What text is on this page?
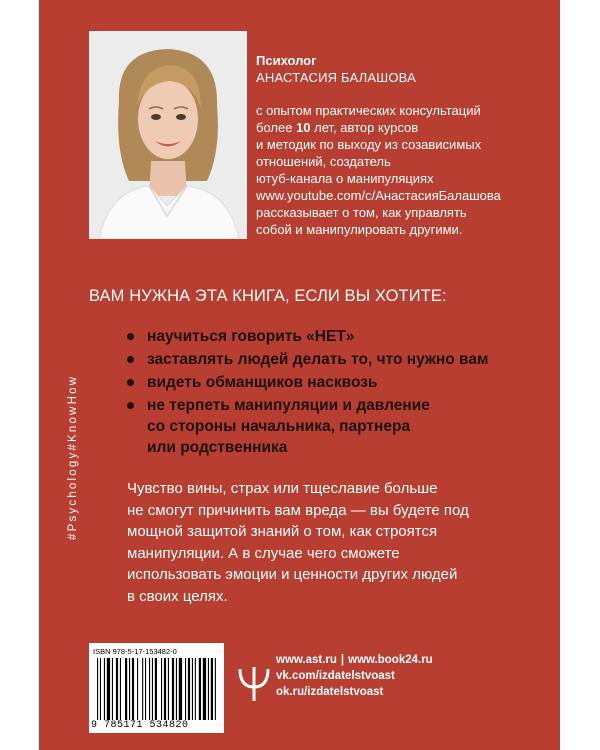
Психолог
АНАСТАСИЯ БАЛАШОВА
с опытом практических консультаций
более 10 лет, автор курсов
и методик по выходу из созависимых
отношений, создатель
ютуб-канала о манипуляциях
www.youtube.com/c/АнастасияБалашова
рассказывает о том, как управлять
собой и манипулировать другими.
ВАМ НУЖНА ЭТА КНИГА, ЕСЛИ ВЫ ХОТИТЕ:
#Psychology#KnowHow
научиться говорить «НЕТ»
заставлять людей делать то, что нужно вам
видеть обманщиков насквозь
не терпеть манипуляции и давление
со стороны начальника, партнера
или родственника
Чувство вины, страх или тщеславие больше
не смогут причинить вам вреда — вы будете под
мощной защитой знаний о том, как строятся
манипуляции. А в случае чего сможете
использовать эмоции и ценности других людей
в своих целях.
ISBN 978-5-17-153482-0
9 785171 534820
www.ast.ru | www.book24.ru
vk.com/izdatelstvoast
ok.ru/izdatelstvoast
